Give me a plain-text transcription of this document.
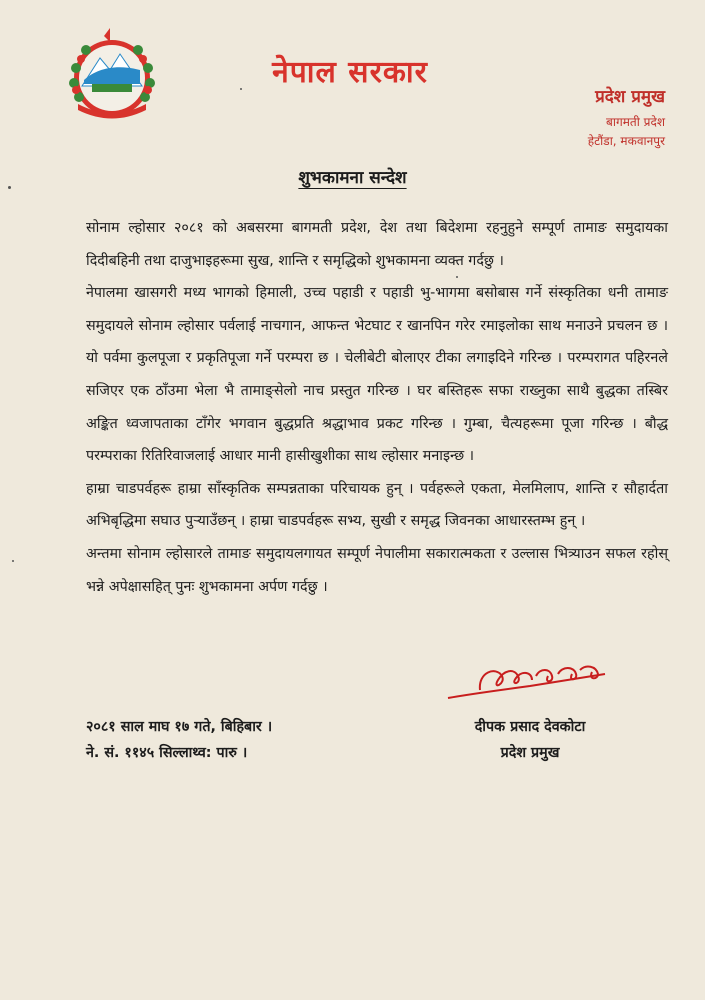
नेपाल सरकार
प्रदेश प्रमुख
बागमती प्रदेश
हेटौंडा, मकवानपुर
शुभकामना सन्देश

सोनाम ल्होसार २०८१ को अबसरमा बागमती प्रदेश, देश तथा बिदेशमा रहनुहुने सम्पूर्ण तामाङ समुदायका दिदीबहिनी तथा दाजुभाइहरूमा सुख, शान्ति र समृद्धिको शुभकामना व्यक्त गर्दछु ।

नेपालमा खासगरी मध्य भागको हिमाली, उच्च पहाडी र पहाडी भु-भागमा बसोबास गर्ने संस्कृतिका धनी तामाङ समुदायले सोनाम ल्होसार पर्वलाई नाचगान, आफन्त भेटघाट र खानपिन गरेर रमाइलोका साथ मनाउने प्रचलन छ । यो पर्वमा कुलपूजा र प्रकृतिपूजा गर्ने परम्परा छ । चेलीबेटी बोलाएर टीका लगाइदिने गरिन्छ । परम्परागत पहिरनले सजिएर एक ठाँउमा भेला भै तामाङ्सेलो नाच प्रस्तुत गरिन्छ । घर बस्तिहरू सफा राख्नुका साथै बुद्धका तस्बिर अङ्कित ध्वजापताका टाँगेर भगवान बुद्धप्रति श्रद्धाभाव प्रकट गरिन्छ । गुम्बा, चैत्यहरूमा पूजा गरिन्छ । बौद्ध परम्पराका रितिरिवाजलाई आधार मानी हासीखुशीका साथ ल्होसार मनाइन्छ ।

हाम्रा चाडपर्वहरू हाम्रा साँस्कृतिक सम्पन्नताका परिचायक हुन् । पर्वहरूले एकता, मेलमिलाप, शान्ति र सौहार्दता अभिबृद्धिमा सघाउ पुर्‍याउँछन् । हाम्रा चाडपर्वहरू सभ्य, सुखी र समृद्ध जिवनका आधारस्तम्भ हुन् ।

अन्तमा सोनाम ल्होसारले तामाङ समुदायलगायत सम्पूर्ण नेपालीमा सकारात्मकता र उल्लास भित्र्याउन सफल रहोस् भन्ने अपेक्षासहित् पुनः शुभकामना अर्पण गर्दछु ।

२०८१ साल माघ १७ गते, बिहिबार ।
ने. सं. ११४५ सिल्लाथ्व: पारु ।
दीपक प्रसाद देवकोटा
प्रदेश प्रमुख
